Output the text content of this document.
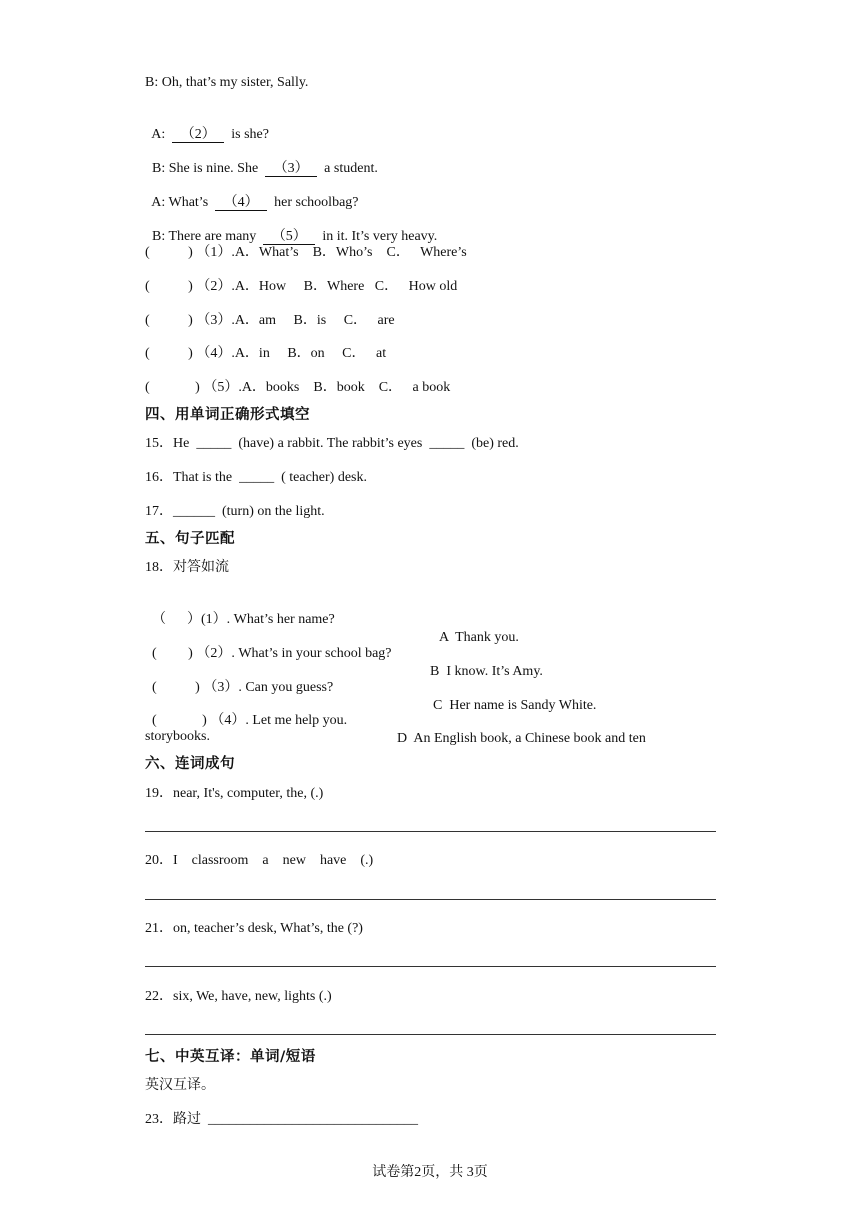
B: Oh, that’s my sister, Sally.

A:  （2）  is she?

B: She is nine. She  （3）  a student.

A: What’s  （4）  her schoolbag?

B: There are many  （5）  in it. It’s very heavy.

(           ) （1）.A．What’s    B．Who’s    C．   Where’s
(           ) （2）.A．How     B．Where   C．   How old
(           ) （3）.A．am     B．is     C．   are
(           ) （4）.A．in     B．on     C．   at
(             ) （5）.A．books    B．book    C．   a book
四、用单词正确形式填空
15．He  _____  (have) a rabbit. The rabbit’s eyes  _____  (be) red.
16．That is the  _____  ( teacher) desk.
17．______  (turn) on the light.
五、句子匹配
18．对答如流

（      ）(1）. What’s her name?

A  Thank you.

(         ) （2）. What’s in your school bag?

B  I know. It’s Amy.

(           ) （3）. Can you guess?

C  Her name is Sandy White.

(             ) （4）. Let me help you.

D  An English book, a Chinese book and ten

storybooks.
六、连词成句
19．near, It's, computer, the, (.)
20．I    classroom    a    new    have    (.)
21．on, teacher’s desk, What’s, the (?)
22．six, We, have, new, lights (.)
七、中英互译：单词/短语
英汉互译。
23．路过  ______________________________
试卷第2页，共 3页
